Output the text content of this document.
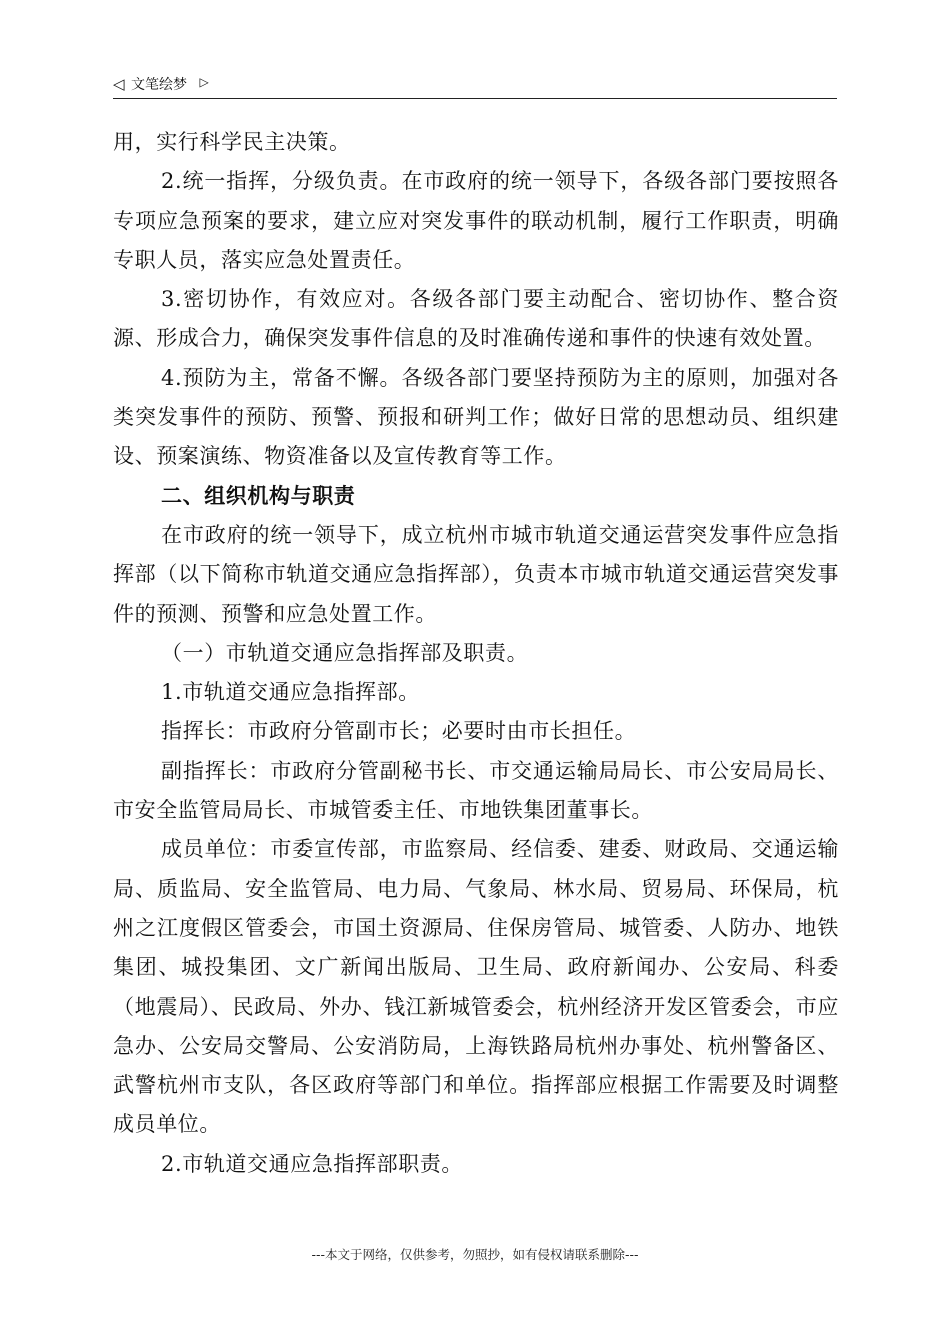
◁ 文笔绘梦 ▷

用，实行科学民主决策。

2.统一指挥，分级负责。在市政府的统一领导下，各级各部门要按照各专项应急预案的要求，建立应对突发事件的联动机制，履行工作职责，明确专职人员，落实应急处置责任。

3.密切协作，有效应对。各级各部门要主动配合、密切协作、整合资源、形成合力，确保突发事件信息的及时准确传递和事件的快速有效处置。

4.预防为主，常备不懈。各级各部门要坚持预防为主的原则，加强对各类突发事件的预防、预警、预报和研判工作；做好日常的思想动员、组织建设、预案演练、物资准备以及宣传教育等工作。

二、组织机构与职责

在市政府的统一领导下，成立杭州市城市轨道交通运营突发事件应急指挥部（以下简称市轨道交通应急指挥部），负责本市城市轨道交通运营突发事件的预测、预警和应急处置工作。

（一）市轨道交通应急指挥部及职责。

1.市轨道交通应急指挥部。

指挥长：市政府分管副市长；必要时由市长担任。

副指挥长：市政府分管副秘书长、市交通运输局局长、市公安局局长、市安全监管局局长、市城管委主任、市地铁集团董事长。

成员单位：市委宣传部，市监察局、经信委、建委、财政局、交通运输局、质监局、安全监管局、电力局、气象局、林水局、贸易局、环保局，杭州之江度假区管委会，市国土资源局、住保房管局、城管委、人防办、地铁集团、城投集团、文广新闻出版局、卫生局、政府新闻办、公安局、科委（地震局）、民政局、外办、钱江新城管委会，杭州经济开发区管委会，市应急办、公安局交警局、公安消防局，上海铁路局杭州办事处、杭州警备区、武警杭州市支队，各区政府等部门和单位。指挥部应根据工作需要及时调整成员单位。

2.市轨道交通应急指挥部职责。

---本文于网络，仅供参考，勿照抄，如有侵权请联系删除---
